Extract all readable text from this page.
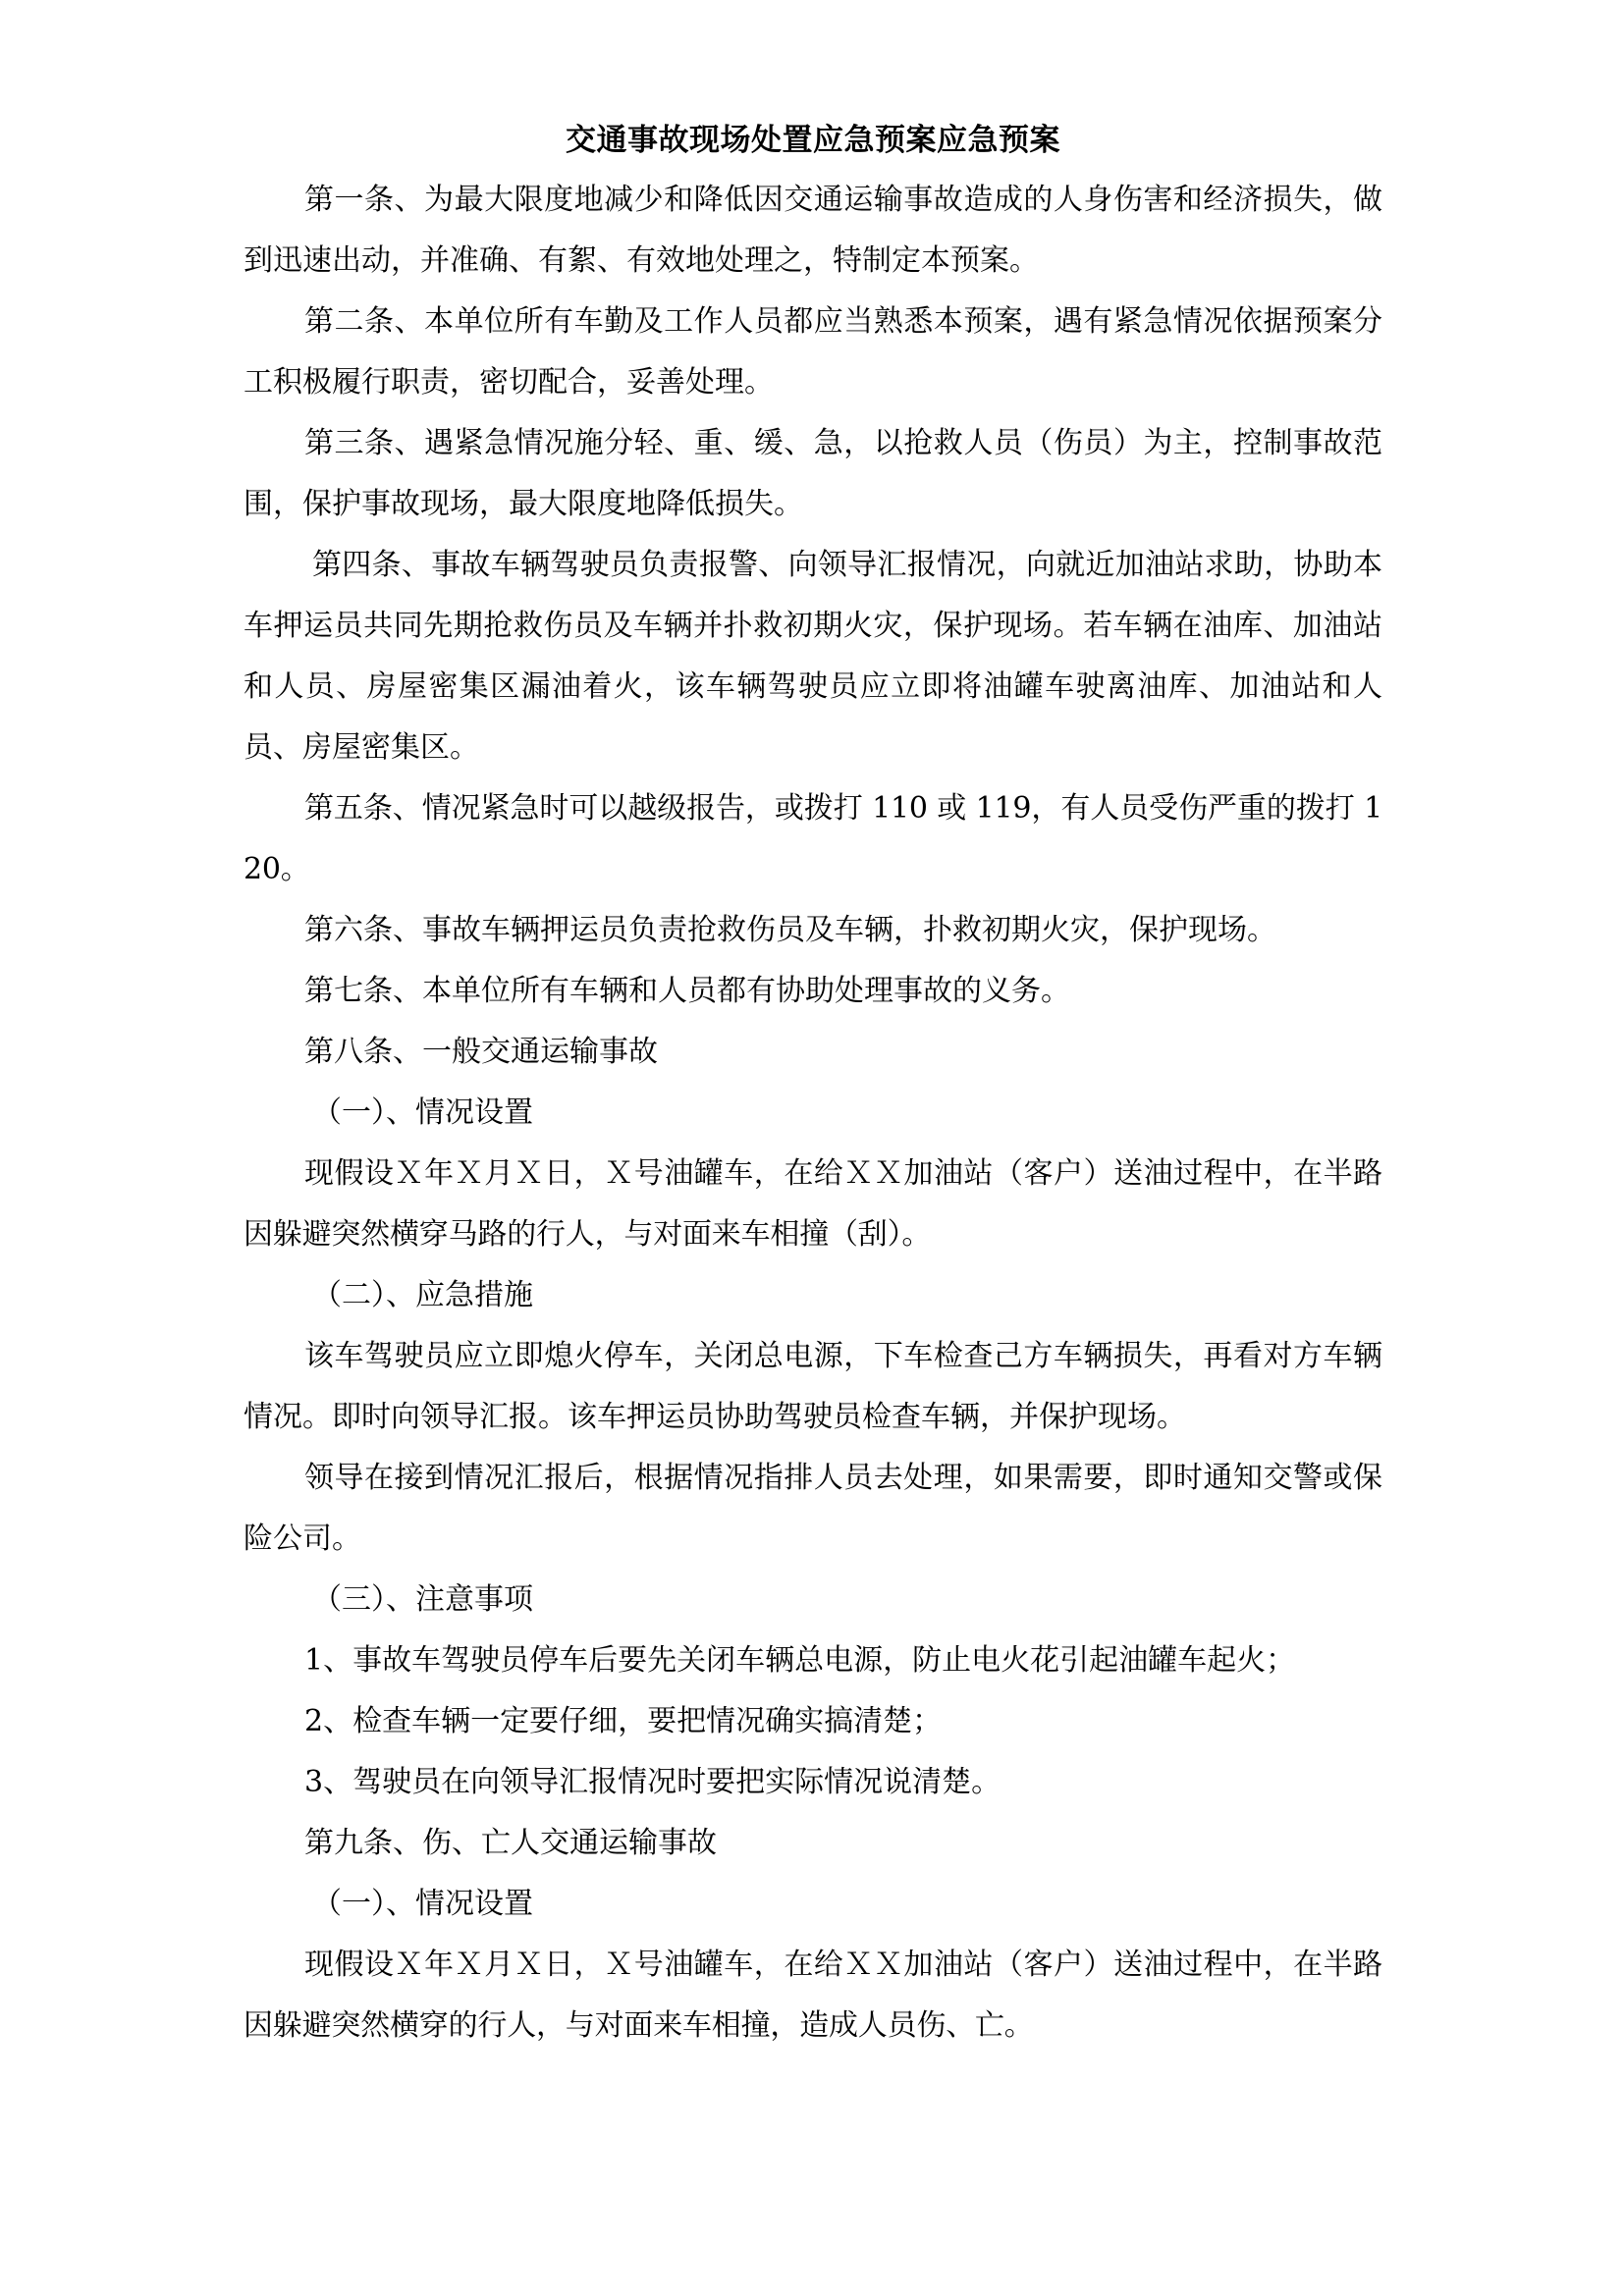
交通事故现场处置应急预案应急预案

第一条、为最大限度地减少和降低因交通运输事故造成的人身伤害和经济损失，做到迅速出动，并准确、有絮、有效地处理之，特制定本预案。

第二条、本单位所有车勤及工作人员都应当熟悉本预案，遇有紧急情况依据预案分工积极履行职责，密切配合，妥善处理。

第三条、遇紧急情况施分轻、重、缓、急，以抢救人员（伤员）为主，控制事故范围，保护事故现场，最大限度地降低损失。

第四条、事故车辆驾驶员负责报警、向领导汇报情况，向就近加油站求助，协助本车押运员共同先期抢救伤员及车辆并扑救初期火灾，保护现场。若车辆在油库、加油站和人员、房屋密集区漏油着火，该车辆驾驶员应立即将油罐车驶离油库、加油站和人员、房屋密集区。

第五条、情况紧急时可以越级报告，或拨打 110 或 119，有人员受伤严重的拨打 120。

第六条、事故车辆押运员负责抢救伤员及车辆，扑救初期火灾，保护现场。

第七条、本单位所有车辆和人员都有协助处理事故的义务。

第八条、一般交通运输事故

（一）、情况设置

现假设Ｘ年Ｘ月Ｘ日，Ｘ号油罐车，在给ＸＸ加油站（客户）送油过程中，在半路因躲避突然横穿马路的行人，与对面来车相撞（刮）。

（二）、应急措施

该车驾驶员应立即熄火停车，关闭总电源，下车检查己方车辆损失，再看对方车辆情况。即时向领导汇报。该车押运员协助驾驶员检查车辆，并保护现场。

领导在接到情况汇报后，根据情况指排人员去处理，如果需要，即时通知交警或保险公司。

（三）、注意事项

1、事故车驾驶员停车后要先关闭车辆总电源，防止电火花引起油罐车起火；

2、检查车辆一定要仔细，要把情况确实搞清楚；

3、驾驶员在向领导汇报情况时要把实际情况说清楚。

第九条、伤、亡人交通运输事故

（一）、情况设置

现假设Ｘ年Ｘ月Ｘ日，Ｘ号油罐车，在给ＸＸ加油站（客户）送油过程中，在半路因躲避突然横穿的行人，与对面来车相撞，造成人员伤、亡。
